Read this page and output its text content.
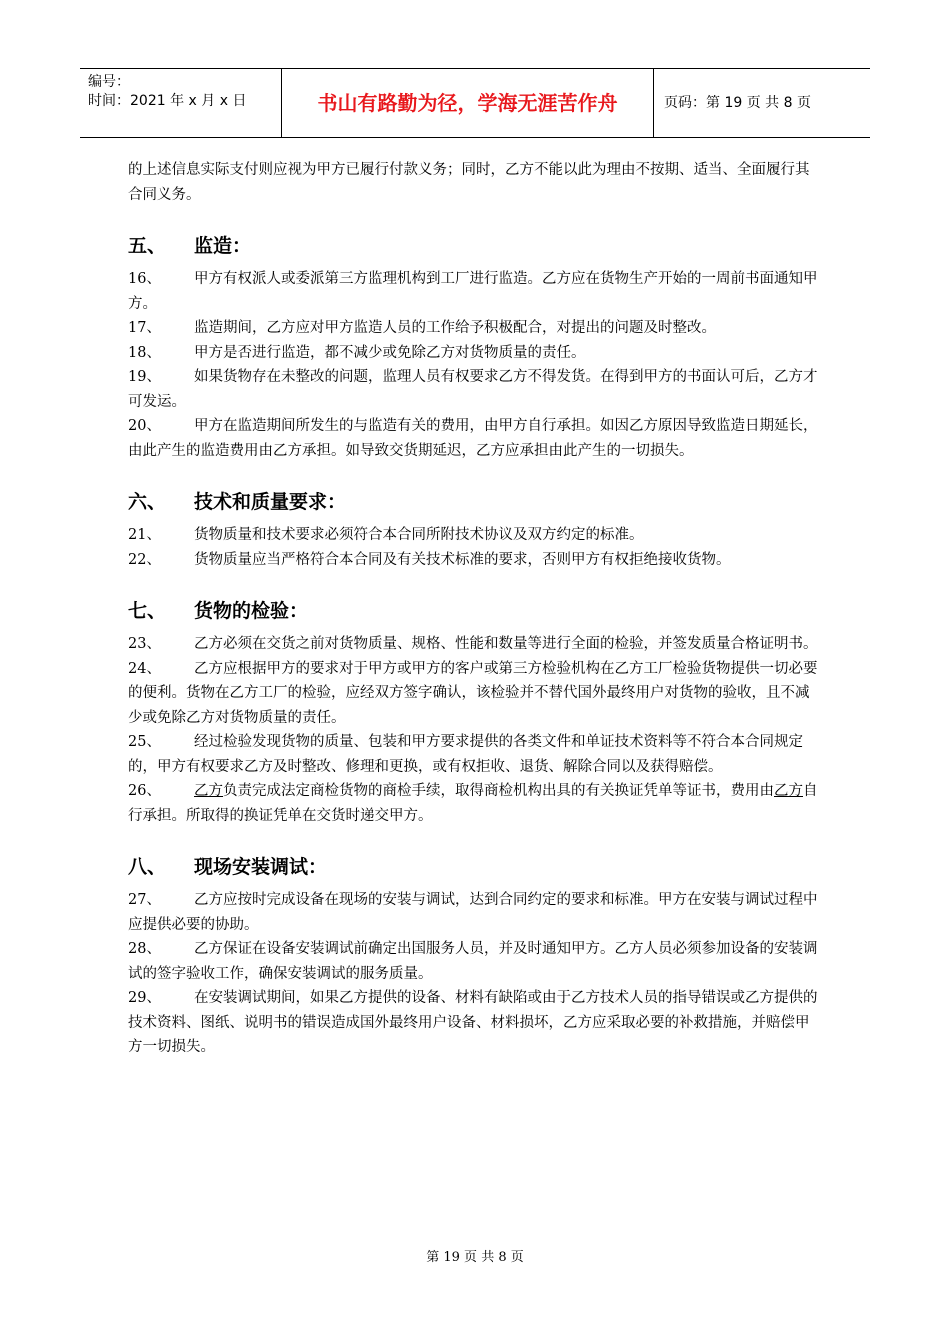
编号：
时间：2021 年 x 月 x 日	书山有路勤为径，学海无涯苦作舟	页码：第 19 页 共 8 页
的上述信息实际支付则应视为甲方已履行付款义务；同时，乙方不能以此为理由不按期、适当、全面履行其合同义务。
五、	监造：
16、 甲方有权派人或委派第三方监理机构到工厂进行监造。乙方应在货物生产开始的一周前书面通知甲方。
17、 监造期间，乙方应对甲方监造人员的工作给予积极配合，对提出的问题及时整改。
18、 甲方是否进行监造，都不减少或免除乙方对货物质量的责任。
19、 如果货物存在未整改的问题，监理人员有权要求乙方不得发货。在得到甲方的书面认可后，乙方才可发运。
20、 甲方在监造期间所发生的与监造有关的费用，由甲方自行承担。如因乙方原因导致监造日期延长，由此产生的监造费用由乙方承担。如导致交货期延迟，乙方应承担由此产生的一切损失。
六、	技术和质量要求：
21、 货物质量和技术要求必须符合本合同所附技术协议及双方约定的标准。
22、 货物质量应当严格符合本合同及有关技术标准的要求，否则甲方有权拒绝接收货物。
七、	货物的检验：
23、 乙方必须在交货之前对货物质量、规格、性能和数量等进行全面的检验，并签发质量合格证明书。
24、 乙方应根据甲方的要求对于甲方或甲方的客户或第三方检验机构在乙方工厂检验货物提供一切必要的便利。货物在乙方工厂的检验，应经双方签字确认，该检验并不替代国外最终用户对货物的验收，且不减少或免除乙方对货物质量的责任。
25、 经过检验发现货物的质量、包装和甲方要求提供的各类文件和单证技术资料等不符合本合同规定的，甲方有权要求乙方及时整改、修理和更换，或有权拒收、退货、解除合同以及获得赔偿。
26、 乙方负责完成法定商检货物的商检手续，取得商检机构出具的有关换证凭单等证书，费用由乙方自行承担。所取得的换证凭单在交货时递交甲方。
八、	现场安装调试：
27、 乙方应按时完成设备在现场的安装与调试，达到合同约定的要求和标准。甲方在安装与调试过程中应提供必要的协助。
28、 乙方保证在设备安装调试前确定出国服务人员，并及时通知甲方。乙方人员必须参加设备的安装调试的签字验收工作，确保安装调试的服务质量。
29、 在安装调试期间，如果乙方提供的设备、材料有缺陷或由于乙方技术人员的指导错误或乙方提供的技术资料、图纸、说明书的错误造成国外最终用户设备、材料损坏，乙方应采取必要的补救措施，并赔偿甲方一切损失。
第 19 页 共 8 页
